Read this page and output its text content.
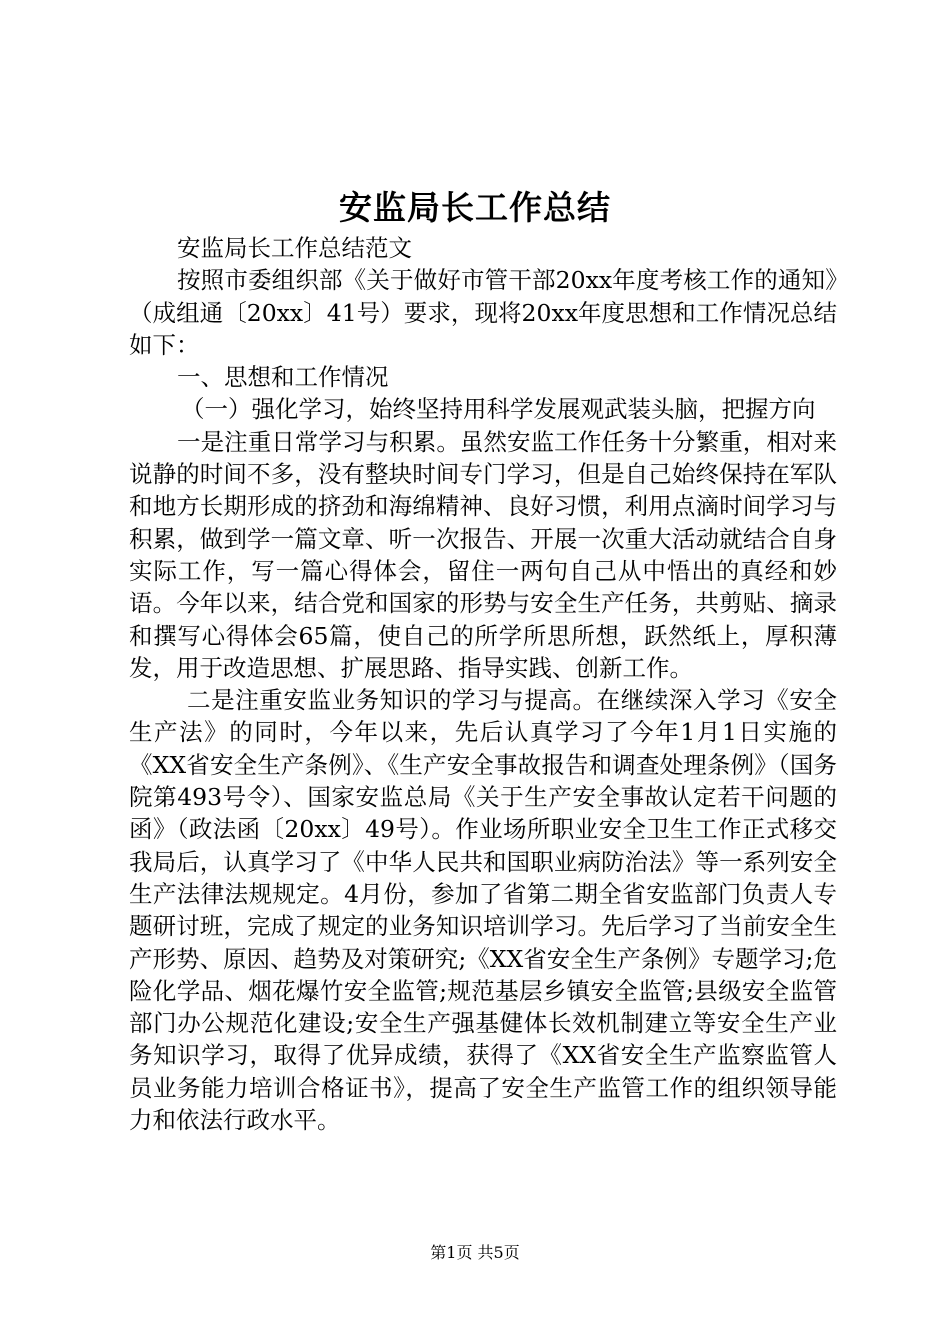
安监局长工作总结

安监局长工作总结范文

按照市委组织部《关于做好市管干部20xx年度考核工作的通知》（成组通〔20xx〕41号）要求，现将20xx年度思想和工作情况总结如下：

一、思想和工作情况

（一）强化学习，始终坚持用科学发展观武装头脑，把握方向

一是注重日常学习与积累。虽然安监工作任务十分繁重，相对来说静的时间不多，没有整块时间专门学习，但是自己始终保持在军队和地方长期形成的挤劲和海绵精神、良好习惯，利用点滴时间学习与积累，做到学一篇文章、听一次报告、开展一次重大活动就结合自身实际工作，写一篇心得体会，留住一两句自己从中悟出的真经和妙语。今年以来，结合党和国家的形势与安全生产任务，共剪贴、摘录和撰写心得体会65篇，使自己的所学所思所想，跃然纸上，厚积薄发，用于改造思想、扩展思路、指导实践、创新工作。

二是注重安监业务知识的学习与提高。在继续深入学习《安全生产法》的同时，今年以来，先后认真学习了今年1月1日实施的《XX省安全生产条例》、《生产安全事故报告和调查处理条例》（国务院第493号令）、国家安监总局《关于生产安全事故认定若干问题的函》（政法函〔20xx〕49号）。作业场所职业安全卫生工作正式移交我局后，认真学习了《中华人民共和国职业病防治法》等一系列安全生产法律法规规定。4月份，参加了省第二期全省安监部门负责人专题研讨班，完成了规定的业务知识培训学习。先后学习了当前安全生产形势、原因、趋势及对策研究;《XX省安全生产条例》专题学习;危险化学品、烟花爆竹安全监管;规范基层乡镇安全监管;县级安全监管部门办公规范化建设;安全生产强基健体长效机制建立等安全生产业务知识学习，取得了优异成绩，获得了《XX省安全生产监察监管人员业务能力培训合格证书》，提高了安全生产监管工作的组织领导能力和依法行政水平。

第1页 共5页
